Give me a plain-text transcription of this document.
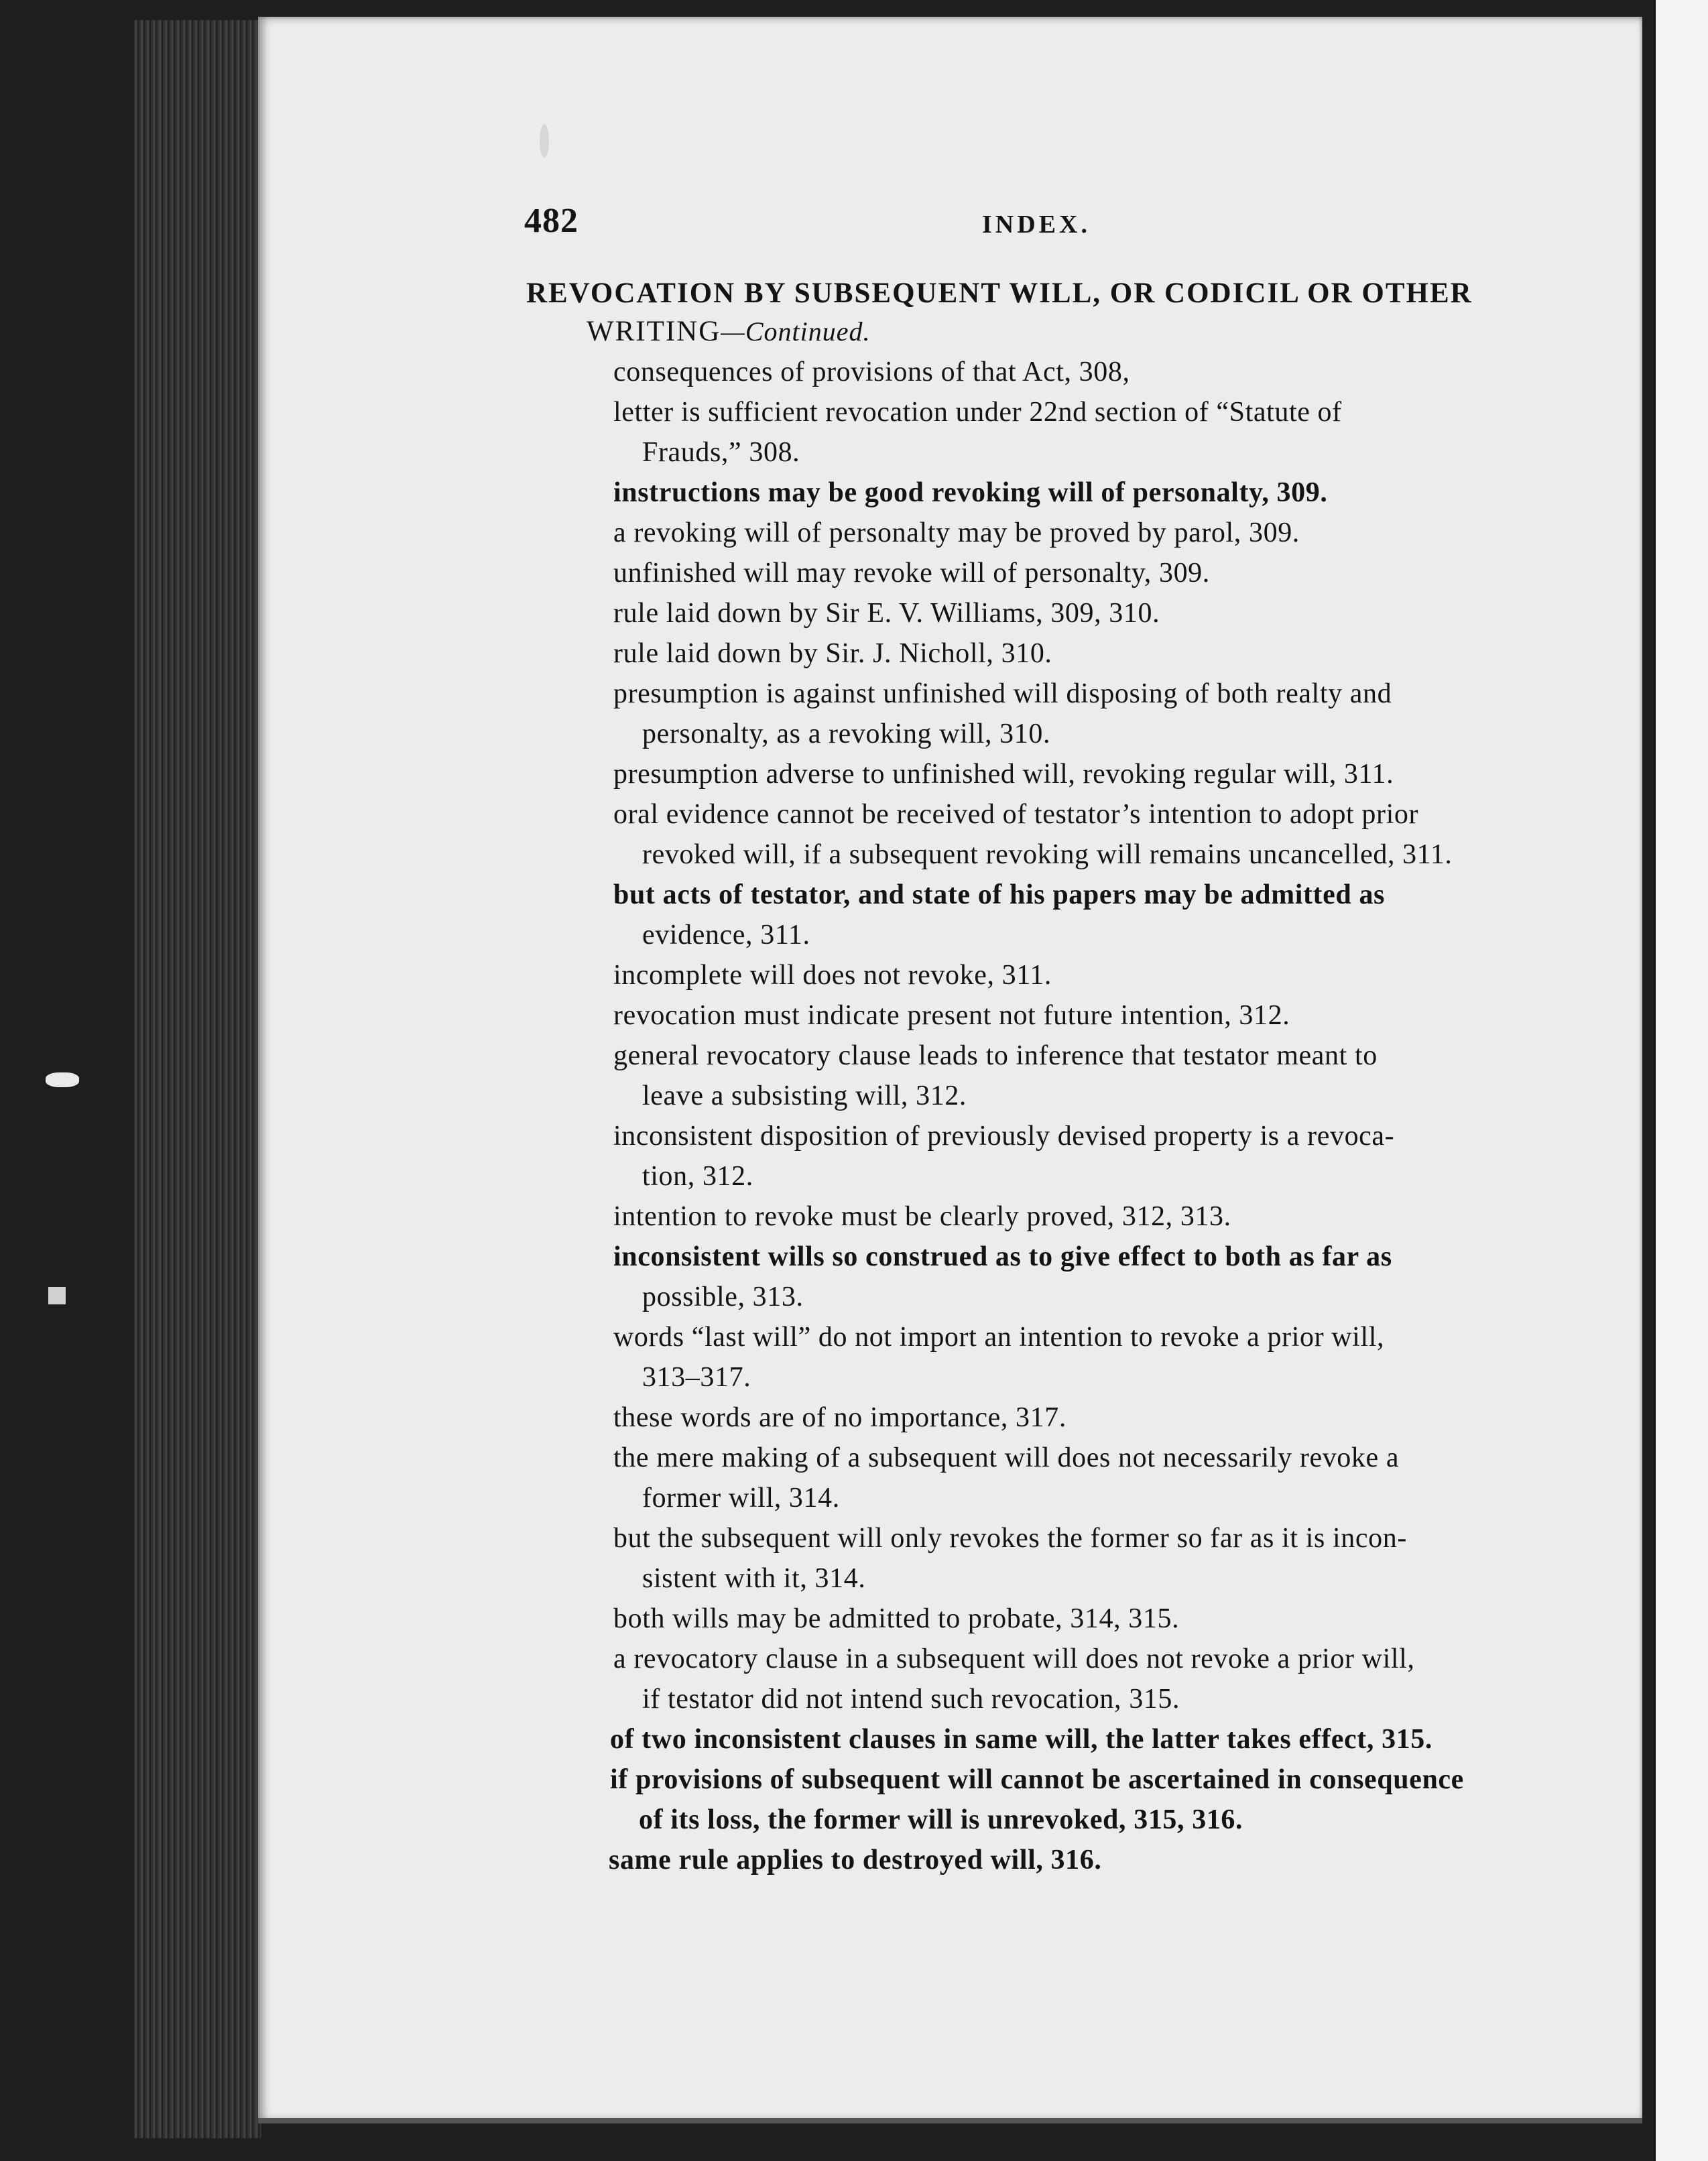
482	INDEX.
REVOCATION BY SUBSEQUENT WILL, OR CODICIL OR OTHER
WRITING—Continued.
consequences of provisions of that Act, 308,
letter is sufficient revocation under 22nd section of “Statute of
Frauds,” 308.
instructions may be good revoking will of personalty, 309.
a revoking will of personalty may be proved by parol, 309.
unfinished will may revoke will of personalty, 309.
rule laid down by Sir E. V. Williams, 309, 310.
rule laid down by Sir. J. Nicholl, 310.
presumption is against unfinished will disposing of both realty and
personalty, as a revoking will, 310.
presumption adverse to unfinished will, revoking regular will, 311.
oral evidence cannot be received of testator’s intention to adopt prior
revoked will, if a subsequent revoking will remains uncancelled, 311.
but acts of testator, and state of his papers may be admitted as
evidence, 311.
incomplete will does not revoke, 311.
revocation must indicate present not future intention, 312.
general revocatory clause leads to inference that testator meant to
leave a subsisting will, 312.
inconsistent disposition of previously devised property is a revoca-
tion, 312.
intention to revoke must be clearly proved, 312, 313.
inconsistent wills so construed as to give effect to both as far as
possible, 313.
words “last will” do not import an intention to revoke a prior will,
313–317.
these words are of no importance, 317.
the mere making of a subsequent will does not necessarily revoke a
former will, 314.
but the subsequent will only revokes the former so far as it is incon-
sistent with it, 314.
both wills may be admitted to probate, 314, 315.
a revocatory clause in a subsequent will does not revoke a prior will,
if testator did not intend such revocation, 315.
of two inconsistent clauses in same will, the latter takes effect, 315.
if provisions of subsequent will cannot be ascertained in consequence
of its loss, the former will is unrevoked, 315, 316.
same rule applies to destroyed will, 316.
